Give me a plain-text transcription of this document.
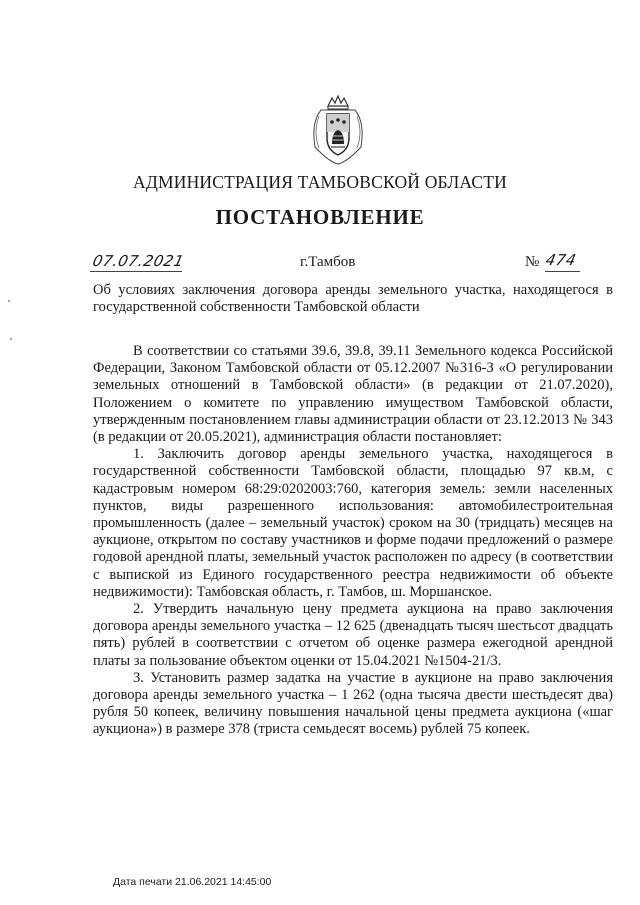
АДМИНИСТРАЦИЯ ТАМБОВСКОЙ ОБЛАСТИ
ПОСТАНОВЛЕНИЕ
07.07.2021	г.Тамбов	№ 474
Об условиях заключения договора аренды земельного участка, находящегося в государственной собственности Тамбовской области

В соответствии со статьями 39.6, 39.8, 39.11 Земельного кодекса Российской Федерации, Законом Тамбовской области от 05.12.2007 №316-З «О регулировании земельных отношений в Тамбовской области» (в редакции от 21.07.2020), Положением о комитете по управлению имуществом Тамбовской области, утвержденным постановлением главы администрации области от 23.12.2013 № 343 (в редакции от 20.05.2021), администрация области постановляет:

1. Заключить договор аренды земельного участка, находящегося в государственной собственности Тамбовской области, площадью 97 кв.м, с кадастровым номером 68:29:0202003:760, категория земель: земли населенных пунктов, виды разрешенного использования: автомобилестроительная промышленность (далее – земельный участок) сроком на 30 (тридцать) месяцев на аукционе, открытом по составу участников и форме подачи предложений о размере годовой арендной платы, земельный участок расположен по адресу (в соответствии с выпиской из Единого государственного реестра недвижимости об объекте недвижимости): Тамбовская область, г. Тамбов, ш. Моршанское.

2. Утвердить начальную цену предмета аукциона на право заключения договора аренды земельного участка – 12 625 (двенадцать тысяч шестьсот двадцать пять) рублей в соответствии с отчетом об оценке размера ежегодной арендной платы за пользование объектом оценки от 15.04.2021 №1504-21/3.

3. Установить размер задатка на участие в аукционе на право заключения договора аренды земельного участка – 1 262 (одна тысяча двести шестьдесят два) рубля 50 копеек, величину повышения начальной цены предмета аукциона («шаг аукциона») в размере 378 (триста семьдесят восемь) рублей 75 копеек.

Дата печати 21.06.2021 14:45:00
